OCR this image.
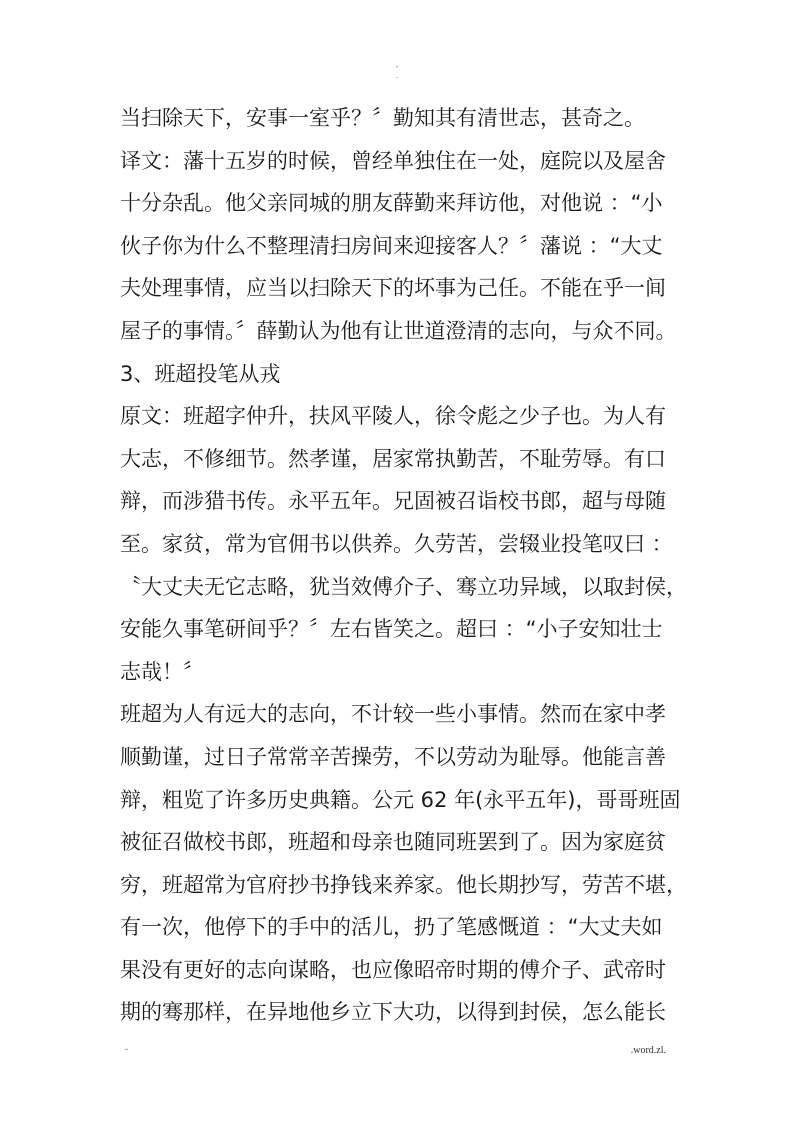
-
.
当扫除天下，安事一室乎？〞勤知其有清世志，甚奇之。
译文：藩十五岁的时候，曾经单独住在一处，庭院以及屋舍
十分杂乱。他父亲同城的朋友薛勤来拜访他，对他说 ：“小
伙子你为什么不整理清扫房间来迎接客人？〞藩说 ：“大丈
夫处理事情，应当以扫除天下的坏事为己任。不能在乎一间
屋子的事情。〞薛勤认为他有让世道澄清的志向，与众不同。
3、班超投笔从戎
原文：班超字仲升，扶风平陵人，徐令彪之少子也。为人有
大志，不修细节。然孝谨，居家常执勤苦，不耻劳辱。有口
辩，而涉猎书传。永平五年。兄固被召诣校书郎，超与母随
至。家贫，常为官佣书以供养。久劳苦，尝辍业投笔叹曰 ：
〝大丈夫无它志略，犹当效傅介子、骞立功异域，以取封侯，
安能久事笔研间乎？〞左右皆笑之。超曰 ：“小子安知壮士
志哉！〞
班超为人有远大的志向，不计较一些小事情。然而在家中孝
顺勤谨，过日子常常辛苦操劳，不以劳动为耻辱。他能言善
辩，粗览了许多历史典籍。公元 62 年(永平五年)，哥哥班固
被征召做校书郎，班超和母亲也随同班罢到了。因为家庭贫
穷，班超常为官府抄书挣钱来养家。他长期抄写，劳苦不堪，
有一次，他停下的手中的活儿，扔了笔感慨道 ：“大丈夫如
果没有更好的志向谋略，也应像昭帝时期的傅介子、武帝时
期的骞那样，在异地他乡立下大功，以得到封侯，怎么能长
-	.word.zl.
